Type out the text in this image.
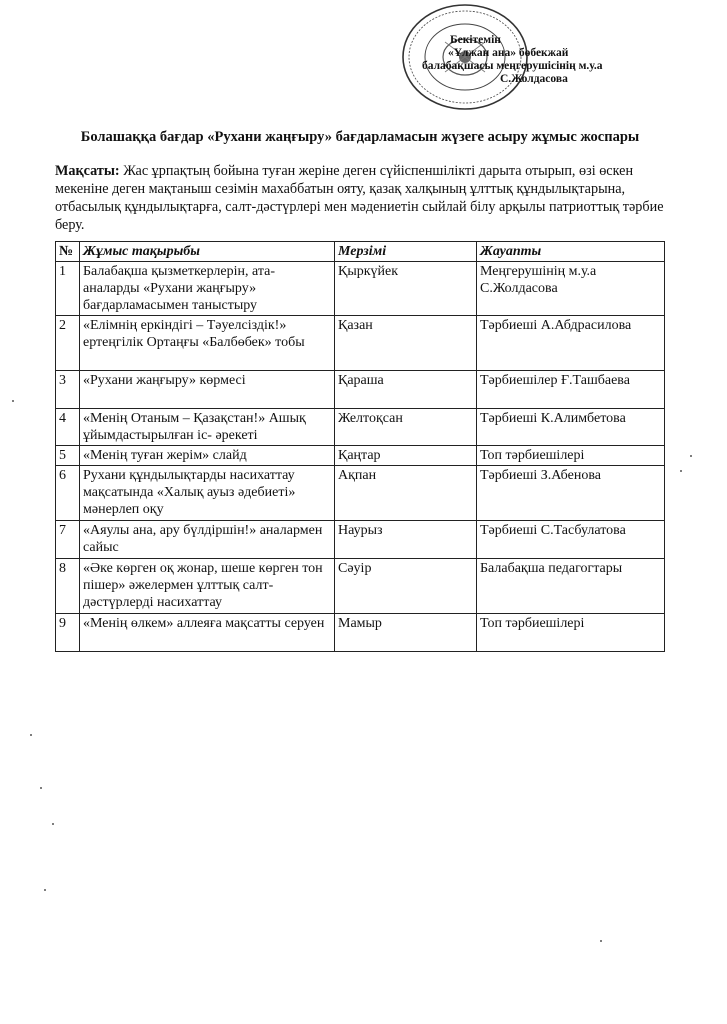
Бекітемін
«Ұлжан ана» бөбекжай
балабақшасы меңгерушісінің м.у.а
С.Жолдасова
Болашаққа бағдар «Рухани жаңғыру» бағдарламасын жүзеге асыру жұмыс жоспары
Мақсаты: Жас ұрпақтың бойына туған жеріне деген сүйіспеншілікті дарыта отырып, өзі өскен мекеніне деген мақтаныш сезімін махаббатын ояту, қазақ халқының ұлттық құндылықтарына, отбасылық құндылықтарға, салт-дәстүрлері мен мәдениетін сыйлай білу арқылы патриоттық тәрбие беру.
№	Жұмыс тақырыбы	Мерзімі	Жауапты
1	Балабақша қызметкерлерін, ата-аналарды «Рухани жаңғыру» бағдарламасымен таныстыру	Қыркүйек	Меңгерушінің м.у.а С.Жолдасова
2	«Елімнің еркіндігі – Тәуелсіздік!» ертеңгілік Ортаңғы «Балбөбек» тобы	Қазан	Тәрбиеші А.Абдрасилова
3	«Рухани жаңғыру» көрмесі	Қараша	Тәрбиешілер Ғ.Ташбаева
4	«Менің Отаным – Қазақстан!» Ашық ұйымдастырылған іс- әрекеті	Желтоқсан	Тәрбиеші К.Алимбетова
5	«Менің туған жерім» слайд	Қаңтар	Топ тәрбиешілері
6	Рухани құндылықтарды насихаттау мақсатында «Халық ауыз әдебиеті» мәнерлеп оқу	Ақпан	Тәрбиеші З.Абенова
7	«Аяулы ана, ару бүлдіршін!» аналармен сайыс	Наурыз	Тәрбиеші С.Тасбулатова
8	«Әке көрген оқ жонар, шеше көрген тон пішер» әжелермен ұлттық салт-дәстүрлерді насихаттау	Сәуір	Балабақша педагогтары
9	«Менің өлкем» аллеяға мақсатты серуен	Мамыр	Топ тәрбиешілері
